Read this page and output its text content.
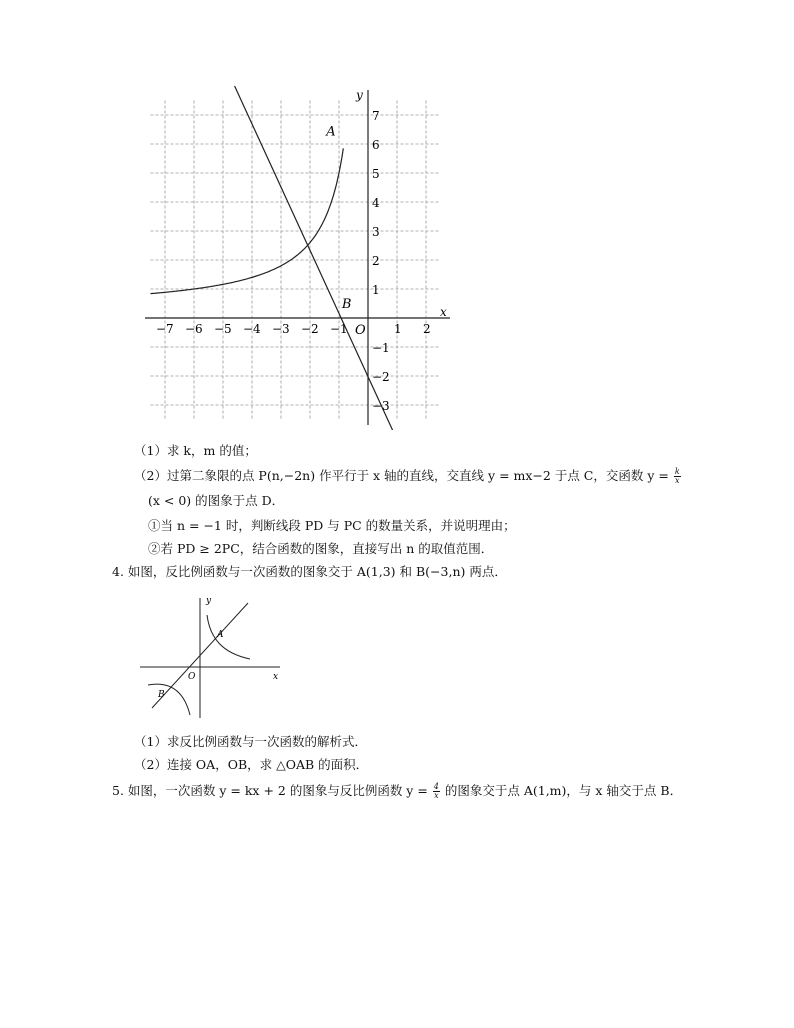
−7 −6 −5 −4 −3 −2 −1	1 2
7
6
5
4
3
2
1
−1
−2
−3
y
x
O
A
B
（1）求 k，m 的值；
（2）过第二象限的点 P(n,−2n) 作平行于 x 轴的直线，交直线 y = mx−2 于点 C，交函数 $y = \frac{k}{x}$
(x < 0) 的图象于点 D．
①当 n = −1 时，判断线段 PD 与 PC 的数量关系，并说明理由；
②若 PD ≥ 2PC，结合函数的图象，直接写出 n 的取值范围．
4. 如图，反比例函数与一次函数的图象交于 A(1,3) 和 B(−3,n) 两点．
y
x
O
A
B
（1）求反比例函数与一次函数的解析式．
（2）连接 OA，OB，求 △OAB 的面积．
5. 如图，一次函数 y = kx + 2 的图象与反比例函数 $y = \frac{4}{x}$ 的图象交于点 A(1,m)，与 x 轴交于点 B．
